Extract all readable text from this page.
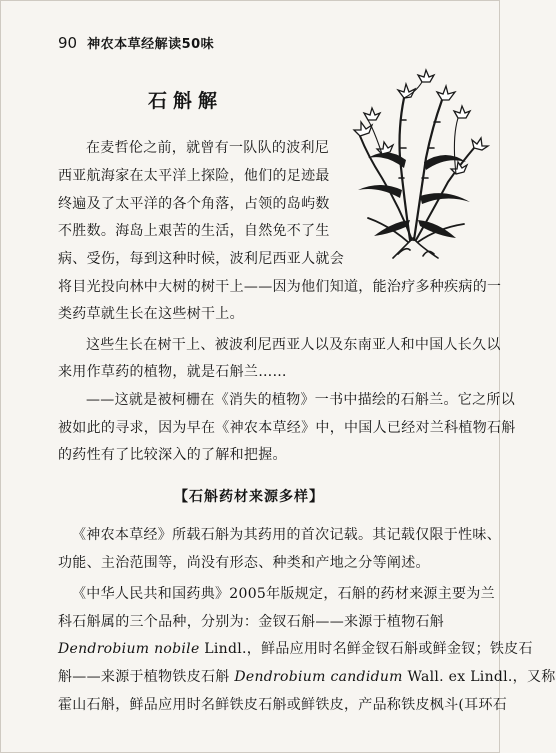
90 神农本草经解读50味
石斛解
在麦哲伦之前，就曾有一队队的波利尼
西亚航海家在太平洋上探险，他们的足迹最
终遍及了太平洋的各个角落，占领的岛屿数
不胜数。海岛上艰苦的生活，自然免不了生
病、受伤，每到这种时候，波利尼西亚人就会
将目光投向林中大树的树干上——因为他们知道，能治疗多种疾病的一
类药草就生长在这些树干上。
这些生长在树干上、被波利尼西亚人以及东南亚人和中国人长久以
来用作草药的植物，就是石斛兰……
——这就是被柯栅在《消失的植物》一书中描绘的石斛兰。它之所以
被如此的寻求，因为早在《神农本草经》中，中国人已经对兰科植物石斛
的药性有了比较深入的了解和把握。
【石斛药材来源多样】
《神农本草经》所载石斛为其药用的首次记载。其记载仅限于性味、
功能、主治范围等，尚没有形态、种类和产地之分等阐述。
《中华人民共和国药典》2005年版规定，石斛的药材来源主要为兰
科石斛属的三个品种，分别为：金钗石斛——来源于植物石斛
Dendrobium nobile Lindl.，鲜品应用时名鲜金钗石斛或鲜金钗；铁皮石
斛——来源于植物铁皮石斛 Dendrobium candidum Wall. ex Lindl.，又称
霍山石斛，鲜品应用时名鲜铁皮石斛或鲜铁皮，产品称铁皮枫斗(耳环石
